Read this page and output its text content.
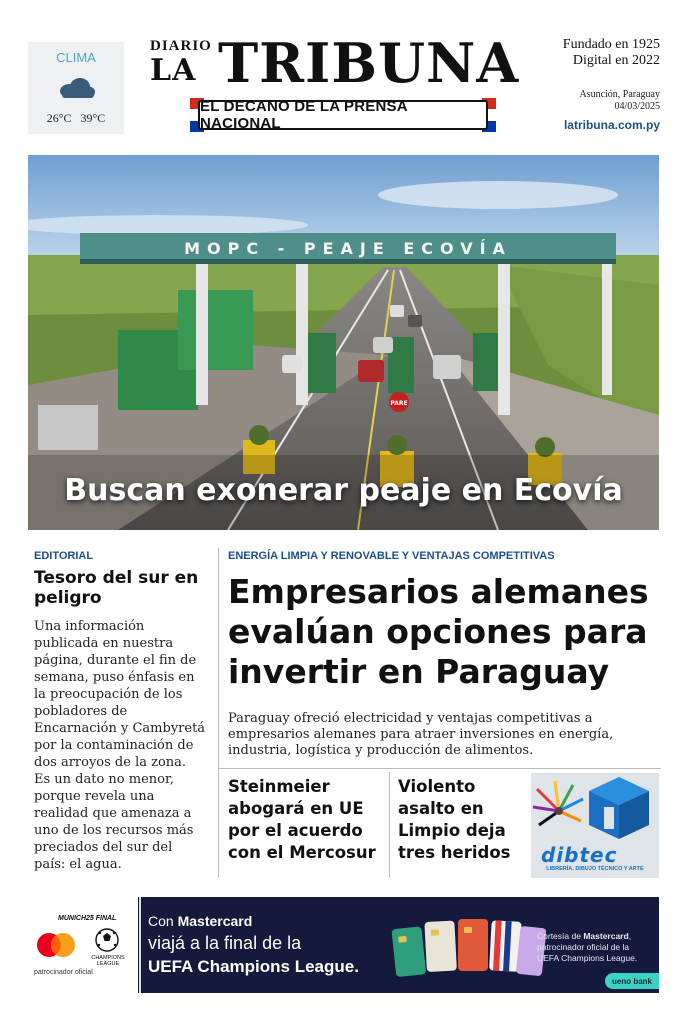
CLIMA
26°C 39°C
DIARIO
LA TRIBUNA
EL DECANO DE LA PRENSA NACIONAL
Fundado en 1925
Digital en 2022
Asunción, Paraguay
04/03/2025
latribuna.com.py
MOPC - PEAJE ECOVÍA
PARE
Buscan exonerar peaje en Ecovía
EDITORIAL
Tesoro del sur en peligro
Una información publicada en nuestra página, durante el fin de semana, puso énfasis en la preocupación de los pobladores de Encarnación y Cambyretá por la contaminación de dos arroyos de la zona. Es un dato no menor, porque revela una realidad que amenaza a uno de los recursos más preciados del sur del país: el agua.
ENERGÍA LIMPIA Y RENOVABLE Y VENTAJAS COMPETITIVAS
Empresarios alemanes evalúan opciones para invertir en Paraguay
Paraguay ofreció electricidad y ventajas competitivas a empresarios alemanes para atraer inversiones en energía, industria, logística y producción de alimentos.
Steinmeier abogará en UE por el acuerdo con el Mercosur
Violento asalto en Limpio deja tres heridos	dibtec
LIBRERÍA, DIBUJO TÉCNICO Y ARTE
MUNICH25 FINAL
patrocinador oficial
CHAMPIONS LEAGUE
Con Mastercard
viajá a la final de la
UEFA Champions League.
Cortesía de Mastercard, patrocinador oficial de la UEFA Champions League.
ueno bank
